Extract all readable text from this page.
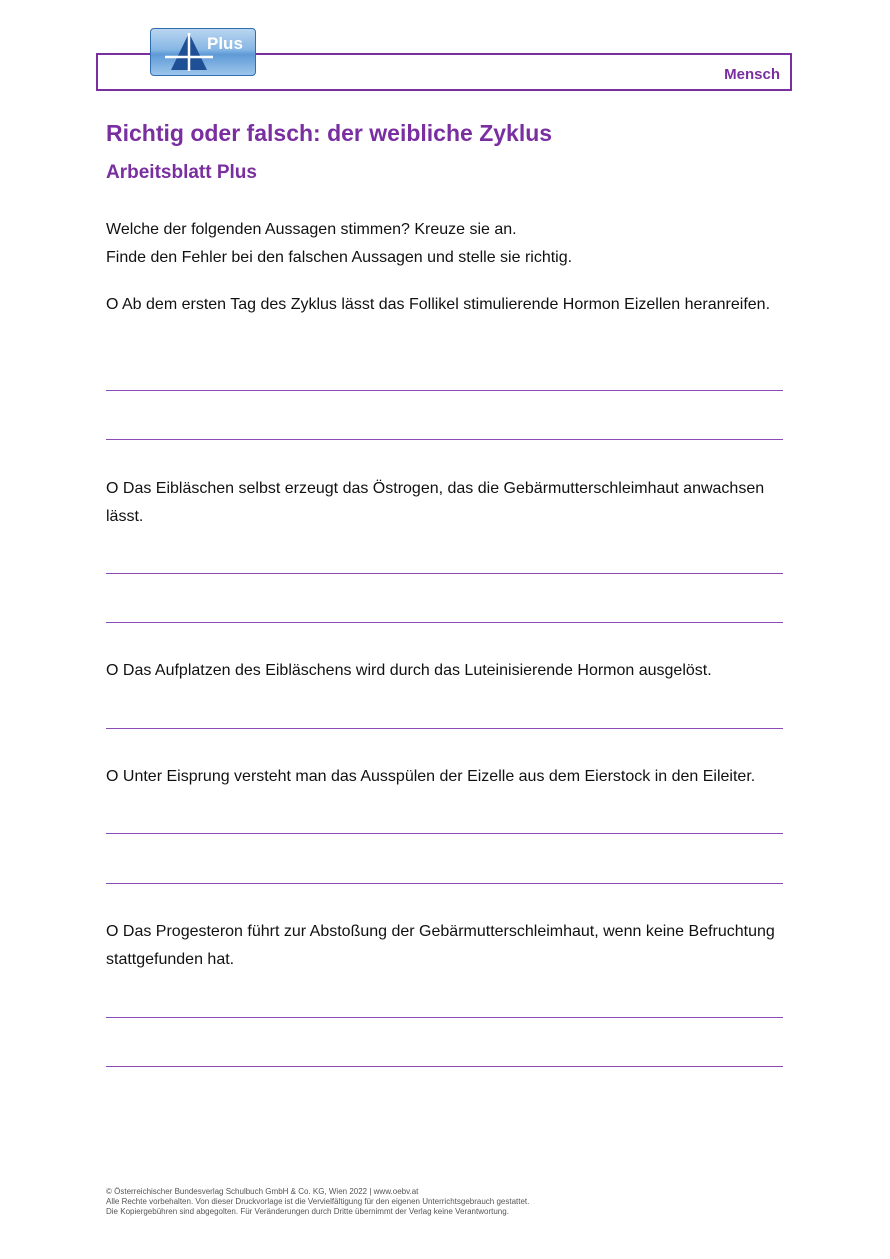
Mensch
Plus
Richtig oder falsch: der weibliche Zyklus
Arbeitsblatt Plus

Welche der folgenden Aussagen stimmen? Kreuze sie an.

Finde den Fehler bei den falschen Aussagen und stelle sie richtig.

O Ab dem ersten Tag des Zyklus lässt das Follikel stimulierende Hormon Eizellen heranreifen.
O Das Eibläschen selbst erzeugt das Östrogen, das die Gebärmutterschleimhaut anwachsen lässt.
O Das Aufplatzen des Eibläschens wird durch das Luteinisierende Hormon ausgelöst.
O Unter Eisprung versteht man das Ausspülen der Eizelle aus dem Eierstock in den Eileiter.
O Das Progesteron führt zur Abstoßung der Gebärmutterschleimhaut, wenn keine Befruchtung stattgefunden hat.

© Österreichischer Bundesverlag Schulbuch GmbH & Co. KG, Wien 2022 | www.oebv.at

Alle Rechte vorbehalten. Von dieser Druckvorlage ist die Vervielfältigung für den eigenen Unterrichtsgebrauch gestattet.

Die Kopiergebühren sind abgegolten. Für Veränderungen durch Dritte übernimmt der Verlag keine Verantwortung.
